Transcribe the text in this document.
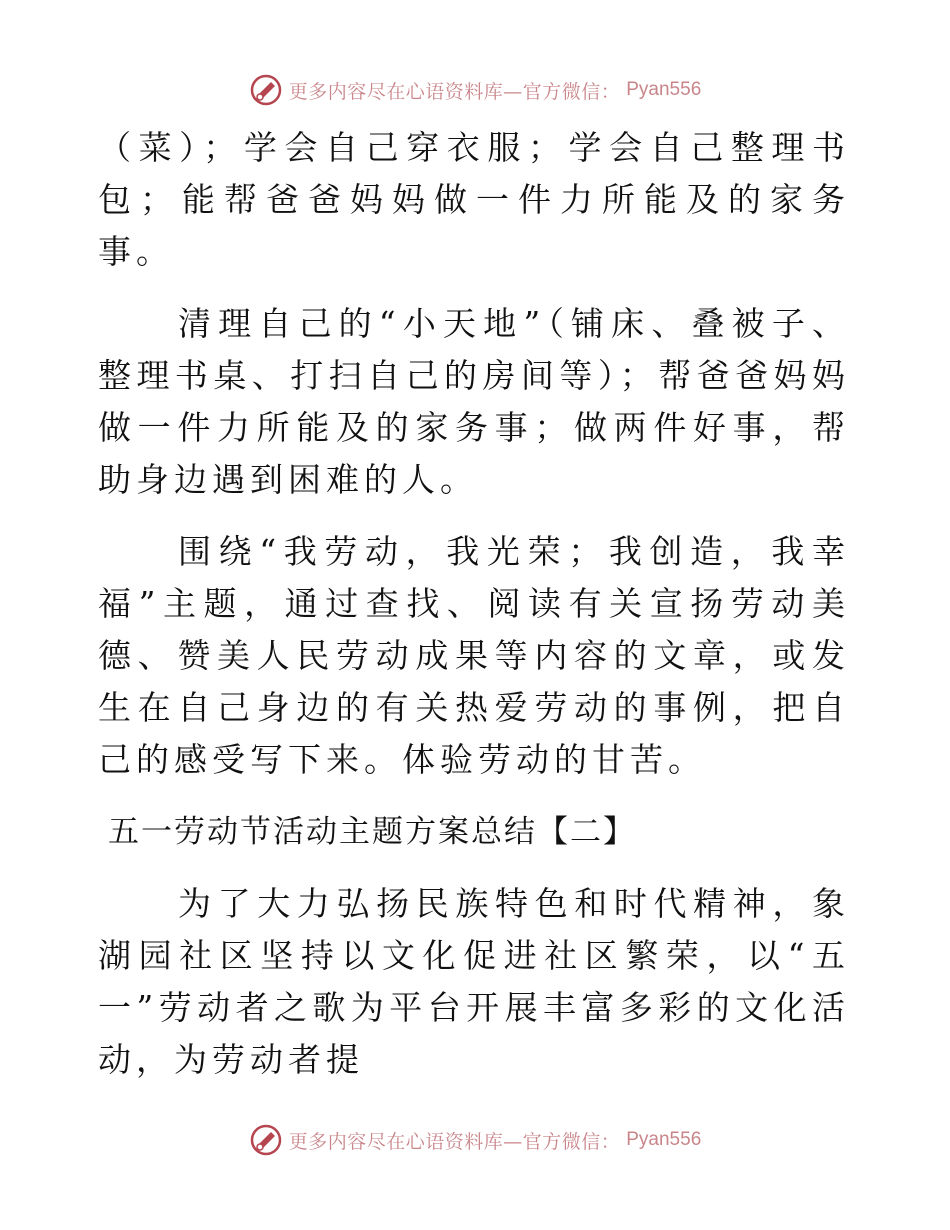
更多内容尽在心语资料库—官方微信： Pyan556

（菜）；学会自己穿衣服；学会自己整理书包；能帮爸爸妈妈做一件力所能及的家务事。

清理自己的“小天地”（铺床、叠被子、整理书桌、打扫自己的房间等）；帮爸爸妈妈做一件力所能及的家务事；做两件好事，帮助身边遇到困难的人。

围绕“我劳动，我光荣；我创造，我幸福”主题，通过查找、阅读有关宣扬劳动美德、赞美人民劳动成果等内容的文章，或发生在自己身边的有关热爱劳动的事例，把自己的感受写下来。体验劳动的甘苦。

五一劳动节活动主题方案总结【二】

为了大力弘扬民族特色和时代精神，象湖园社区坚持以文化促进社区繁荣，以“五一”劳动者之歌为平台开展丰富多彩的文化活动，为劳动者提

更多内容尽在心语资料库—官方微信： Pyan556
